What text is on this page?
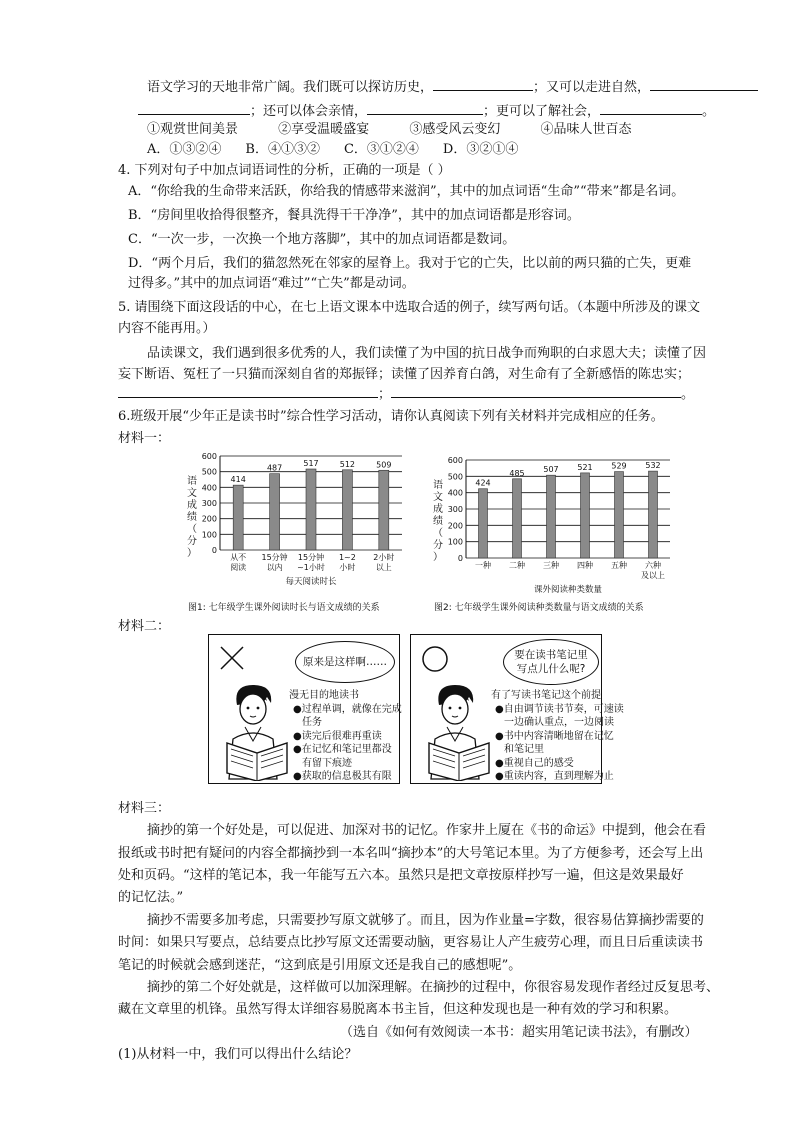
语文学习的天地非常广阔。我们既可以探访历史，	；又可以走进自然，
；还可以体会亲情，	；更可以了解社会，	。
①观赏世间美景	②享受温暖盛宴	③感受风云变幻	④品味人世百态
A．①③②④ B．④①③② C．③①②④ D．③②①④
4. 下列对句子中加点词语词性的分析，正确的一项是（ ）
A．“你给我的生命带来活跃，你给我的情感带来滋润”，其中的加点词语“生命”“带来”都是名词。
B．“房间里收拾得很整齐，餐具洗得干干净净”，其中的加点词语都是形容词。
C．“一次一步，一次换一个地方落脚”，其中的加点词语都是数词。
D．“两个月后，我们的猫忽然死在邻家的屋脊上。我对于它的亡失，比以前的两只猫的亡失，更难
过得多。”其中的加点词语“难过”“亡失”都是动词。
5. 请围绕下面这段话的中心，在七上语文课本中选取合适的例子，续写两句话。（本题中所涉及的课文
内容不能再用。）
品读课文，我们遇到很多优秀的人，我们读懂了为中国的抗日战争而殉职的白求恩大夫；读懂了因
妄下断语、冤枉了一只猫而深刻自省的郑振铎；读懂了因养育白鸽，对生命有了全新感悟的陈忠实；
；	。
6.班级开展“少年正是读书时”综合性学习活动，请你认真阅读下列有关材料并完成相应的任务。
材料一：
语
文
成
绩
（
分
） 0
100
200
300
400
500
600
414
从不
阅读
487
15分钟
以内
517
15分钟
~1小时
512
1~2
小时
509
2小时
以上
每天阅读时长
语
文
成
绩
（
分
） 0
100
200
300
400
500
600
424
一种
485
二种
507
三种
521
四种
529
五种
532
六种
及以上
课外阅读种类数量
图1: 七年级学生课外阅读时长与语文成绩的关系	图2: 七年级学生课外阅读种类数量与语文成绩的关系
材料二：
原来是这样啊……
漫无目的地读书
●过程单调，就像在完成
任务
●读完后很难再重读
●在记忆和笔记里都没
有留下痕迹
●获取的信息极其有限
要在读书笔记里
写点儿什么呢?
有了写读书笔记这个前提
●自由调节读书节奏，可速读
一边确认重点，一边阅读
●书中内容清晰地留在记忆
和笔记里
●重视自己的感受
●重读内容，直到理解为止
材料三：
摘抄的第一个好处是，可以促进、加深对书的记忆。作家井上厦在《书的命运》中提到，他会在看
报纸或书时把有疑问的内容全都摘抄到一本名叫“摘抄本”的大号笔记本里。为了方便参考，还会写上出
处和页码。“这样的笔记本，我一年能写五六本。虽然只是把文章按原样抄写一遍，但这是效果最好
的记忆法。”
摘抄不需要多加考虑，只需要抄写原文就够了。而且，因为作业量=字数，很容易估算摘抄需要的
时间：如果只写要点，总结要点比抄写原文还需要动脑，更容易让人产生疲劳心理，而且日后重读读书
笔记的时候就会感到迷茫，“这到底是引用原文还是我自己的感想呢”。
摘抄的第二个好处就是，这样做可以加深理解。在摘抄的过程中，你很容易发现作者经过反复思考、
藏在文章里的机锋。虽然写得太详细容易脱离本书主旨，但这种发现也是一种有效的学习和积累。
（选自《如何有效阅读一本书：超实用笔记读书法》，有删改）
(1)从材料一中，我们可以得出什么结论？
